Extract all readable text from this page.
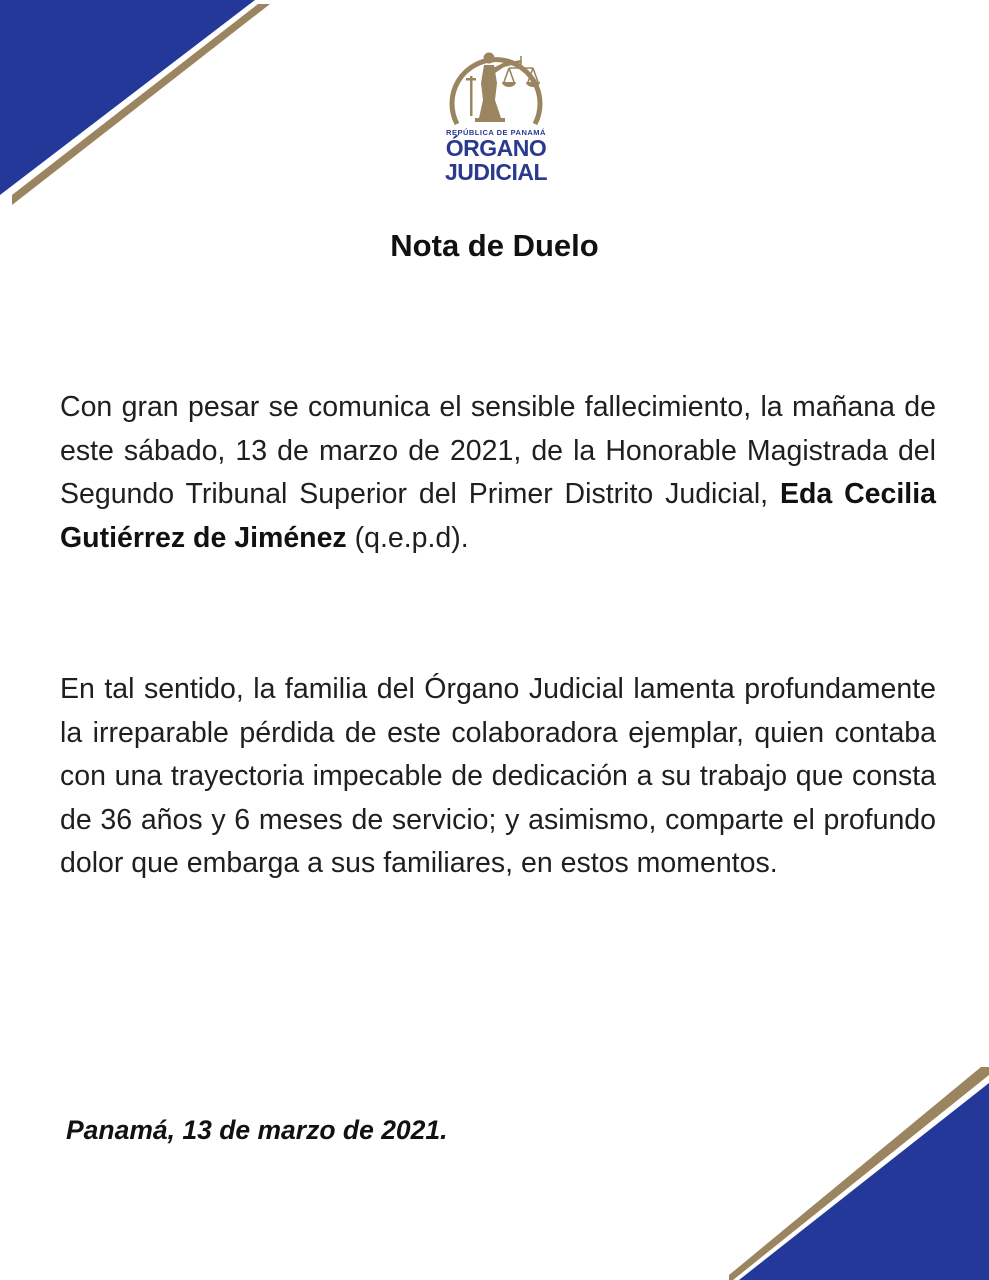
REPÚBLICA DE PANAMÁ
ÓRGANO
JUDICIAL
Nota de Duelo
Con gran pesar se comunica el sensible fallecimiento, la mañana de este sábado, 13 de marzo de 2021, de la Honorable Magistrada del Segundo Tribunal Superior del Primer Distrito Judicial, Eda Cecilia Gutiérrez de Jiménez (q.e.p.d).
En tal sentido, la familia del Órgano Judicial lamenta profundamente la irreparable pérdida de este colaboradora ejemplar, quien contaba con una trayectoria impecable de dedicación a su trabajo que consta de 36 años y 6 meses de servicio; y asimismo, comparte el profundo dolor que embarga a sus familiares, en estos momentos.
Panamá, 13 de marzo de 2021.
